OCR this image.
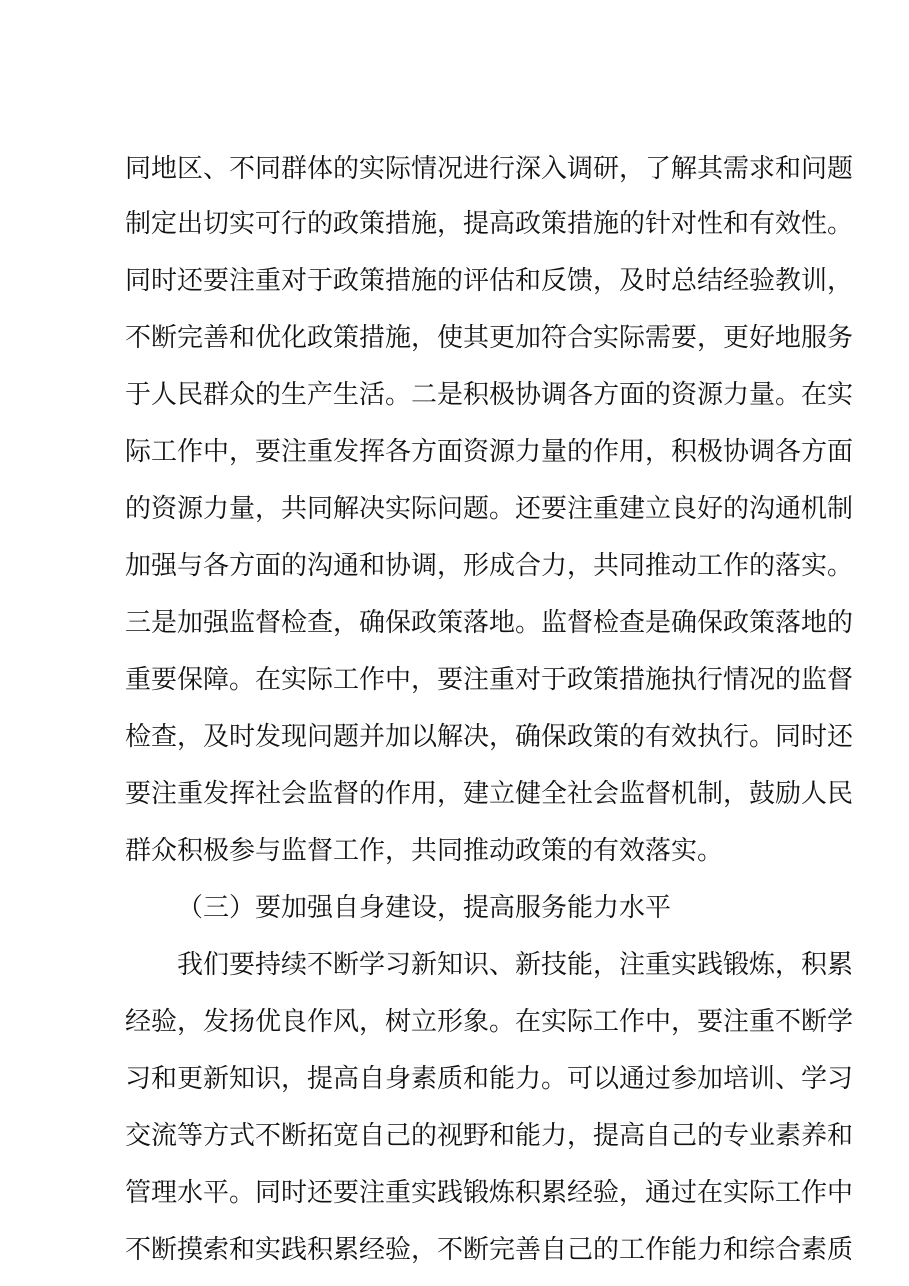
同地区、不同群体的实际情况进行深入调研，了解其需求和问题
制定出切实可行的政策措施，提高政策措施的针对性和有效性。
同时还要注重对于政策措施的评估和反馈，及时总结经验教训，
不断完善和优化政策措施，使其更加符合实际需要，更好地服务
于人民群众的生产生活。二是积极协调各方面的资源力量。在实
际工作中，要注重发挥各方面资源力量的作用，积极协调各方面
的资源力量，共同解决实际问题。还要注重建立良好的沟通机制
加强与各方面的沟通和协调，形成合力，共同推动工作的落实。
三是加强监督检查，确保政策落地。监督检查是确保政策落地的
重要保障。在实际工作中，要注重对于政策措施执行情况的监督
检查，及时发现问题并加以解决，确保政策的有效执行。同时还
要注重发挥社会监督的作用，建立健全社会监督机制，鼓励人民
群众积极参与监督工作，共同推动政策的有效落实。
（三）要加强自身建设，提高服务能力水平
我们要持续不断学习新知识、新技能，注重实践锻炼，积累
经验，发扬优良作风，树立形象。在实际工作中，要注重不断学
习和更新知识，提高自身素质和能力。可以通过参加培训、学习
交流等方式不断拓宽自己的视野和能力，提高自己的专业素养和
管理水平。同时还要注重实践锻炼积累经验，通过在实际工作中
不断摸索和实践积累经验，不断完善自己的工作能力和综合素质
